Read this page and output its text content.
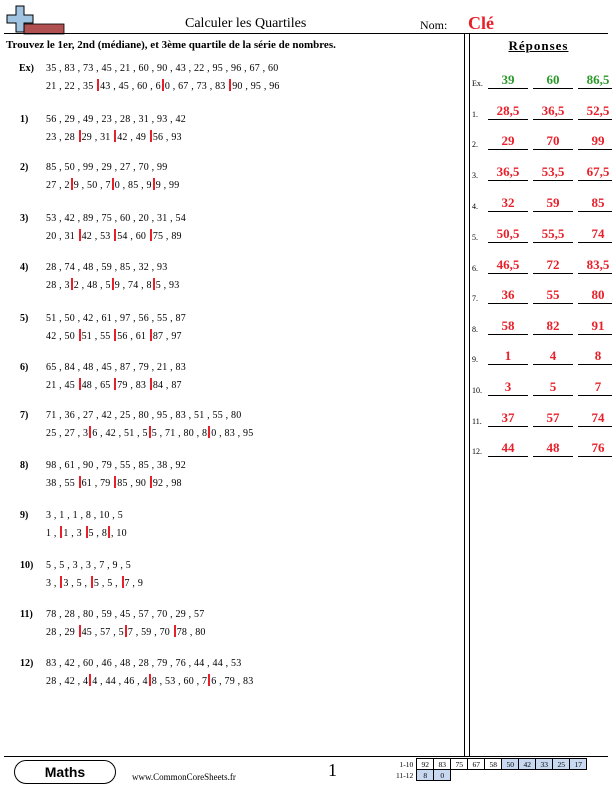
Calculer les Quartiles	Nom: Clé
Trouvez le 1er, 2nd (médiane), et 3ème quartile de la série de nombres.	Réponses
Ex) 35 , 83 , 73 , 45 , 21 , 60 , 90 , 43 , 22 , 95 , 96 , 67 , 60
21 , 22 , 35 43 , 45 , 60 , 6 0 , 67 , 73 , 83 90 , 95 , 96
1) 56 , 29 , 49 , 23 , 28 , 31 , 93 , 42
23 , 28 29 , 31 42 , 49 56 , 93
2) 85 , 50 , 99 , 29 , 27 , 70 , 99
27 , 2 9 , 50 , 7 0 , 85 , 9 9 , 99
3) 53 , 42 , 89 , 75 , 60 , 20 , 31 , 54
20 , 31 42 , 53 54 , 60 75 , 89
4) 28 , 74 , 48 , 59 , 85 , 32 , 93
28 , 3 2 , 48 , 5 9 , 74 , 8 5 , 93
5) 51 , 50 , 42 , 61 , 97 , 56 , 55 , 87
42 , 50 51 , 55 56 , 61 87 , 97
6) 65 , 84 , 48 , 45 , 87 , 79 , 21 , 83
21 , 45 48 , 65 79 , 83 84 , 87
7) 71 , 36 , 27 , 42 , 25 , 80 , 95 , 83 , 51 , 55 , 80
25 , 27 , 3 6 , 42 , 51 , 5 5 , 71 , 80 , 8 0 , 83 , 95
8) 98 , 61 , 90 , 79 , 55 , 85 , 38 , 92
38 , 55 61 , 79 85 , 90 92 , 98
9) 3 , 1 , 1 , 8 , 10 , 5
1 , 1 , 3 5 , 8 , 10
10) 5 , 5 , 3 , 3 , 7 , 9 , 5
3 , 3 , 5 , 5 , 5 , 7 , 9
11) 78 , 28 , 80 , 59 , 45 , 57 , 70 , 29 , 57
28 , 29 45 , 57 , 5 7 , 59 , 70 78 , 80
12) 83 , 42 , 60 , 46 , 48 , 28 , 79 , 76 , 44 , 44 , 53
28 , 42 , 4 4 , 44 , 46 , 4 8 , 53 , 60 , 7 6 , 79 , 83
Ex.	39	60	86,5
1.	28,5	36,5	52,5
2.	29	70	99
3.	36,5	53,5	67,5
4.	32	59	85
5.	50,5	55,5	74
6.	46,5	72	83,5
7.	36	55	80
8.	58	82	91
9.	1	4	8
10.	3	5	7
11.	37	57	74
12.	44	48	76
Maths	www.CommonCoreSheets.fr	1	1-10	92	83	75	67	58	50	42	33	25	17
11-12	8	0								
